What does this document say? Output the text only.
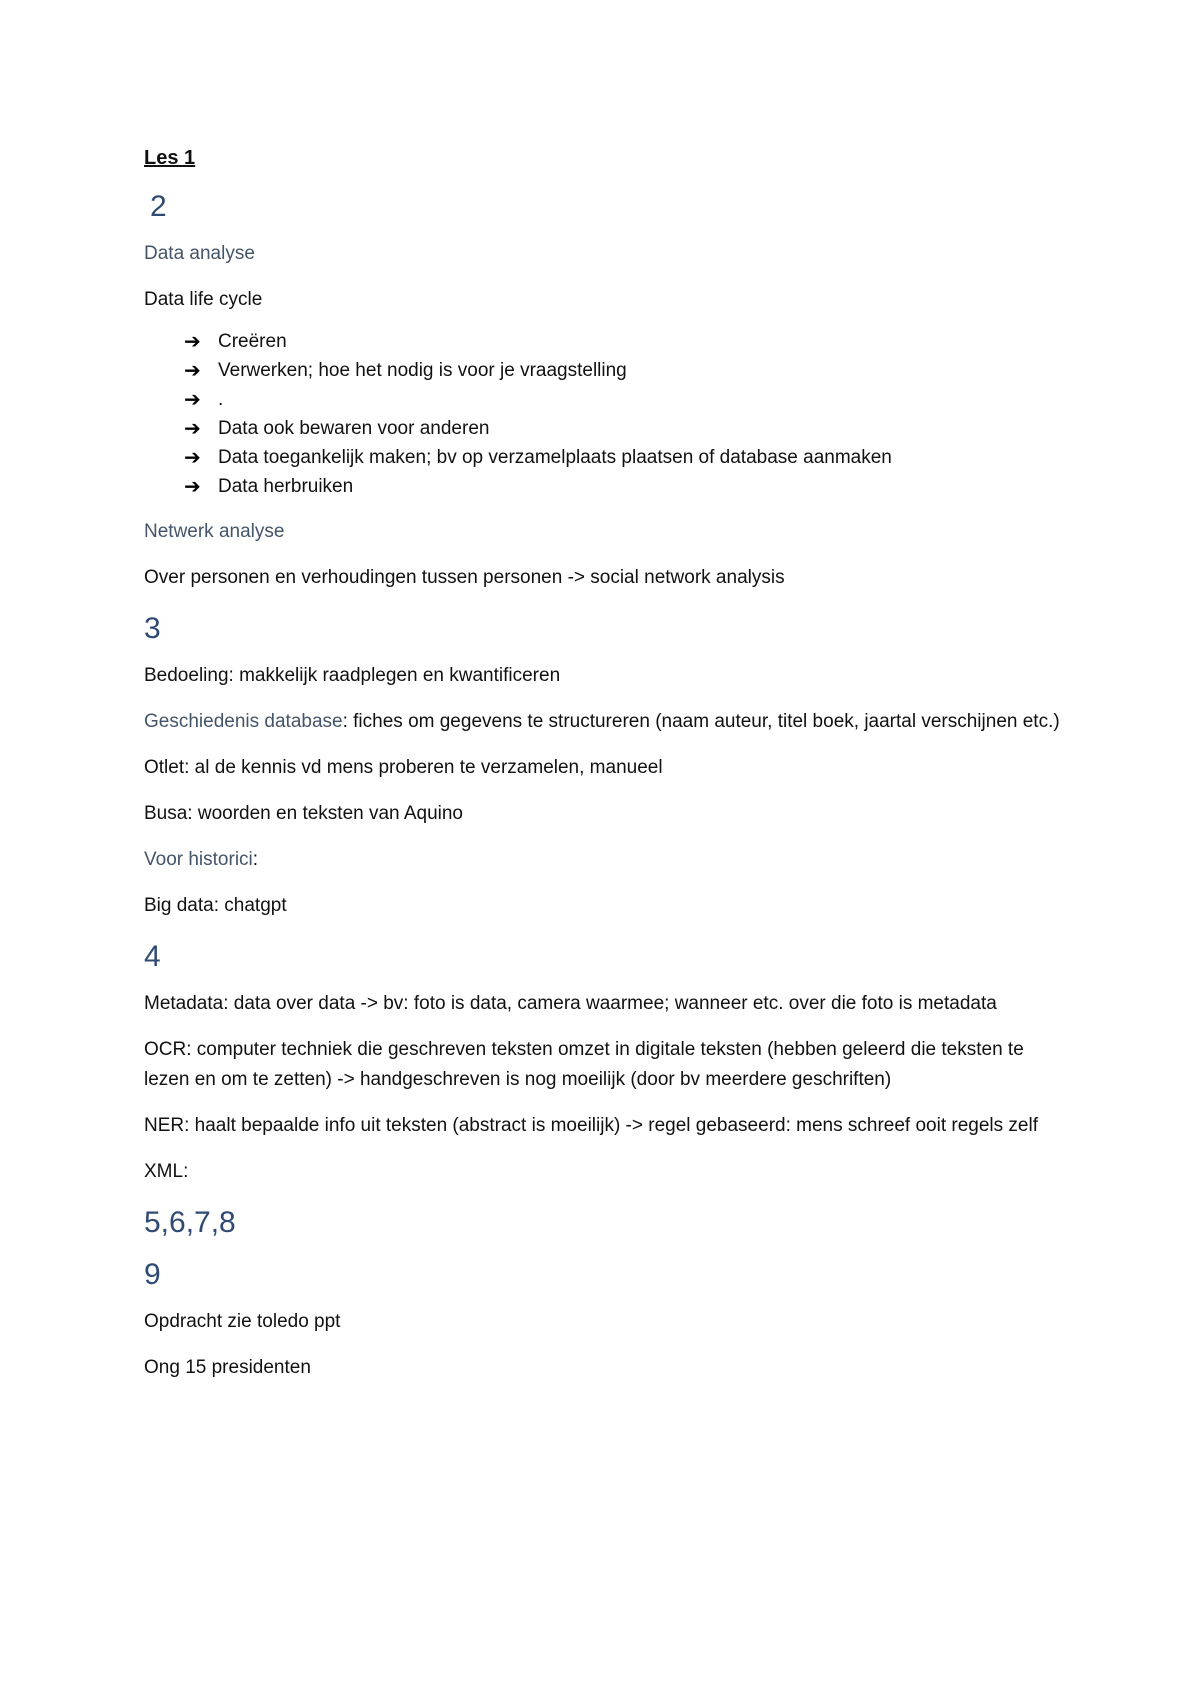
Les 1
2
Data analyse
Data life cycle
➔ Creëren
➔ Verwerken; hoe het nodig is voor je vraagstelling
➔ .
➔ Data ook bewaren voor anderen
➔ Data toegankelijk maken; bv op verzamelplaats plaatsen of database aanmaken
➔ Data herbruiken
Netwerk analyse
Over personen en verhoudingen tussen personen -> social network analysis
3
Bedoeling: makkelijk raadplegen en kwantificeren
Geschiedenis database: fiches om gegevens te structureren (naam auteur, titel boek, jaartal verschijnen etc.)
Otlet: al de kennis vd mens proberen te verzamelen, manueel
Busa: woorden en teksten van Aquino
Voor historici:
Big data: chatgpt
4
Metadata: data over data -> bv: foto is data, camera waarmee; wanneer etc. over die foto is metadata
OCR: computer techniek die geschreven teksten omzet in digitale teksten (hebben geleerd die teksten te lezen en om te zetten) -> handgeschreven is nog moeilijk (door bv meerdere geschriften)
NER: haalt bepaalde info uit teksten (abstract is moeilijk) -> regel gebaseerd: mens schreef ooit regels zelf
XML:
5,6,7,8
9
Opdracht zie toledo ppt
Ong 15 presidenten
